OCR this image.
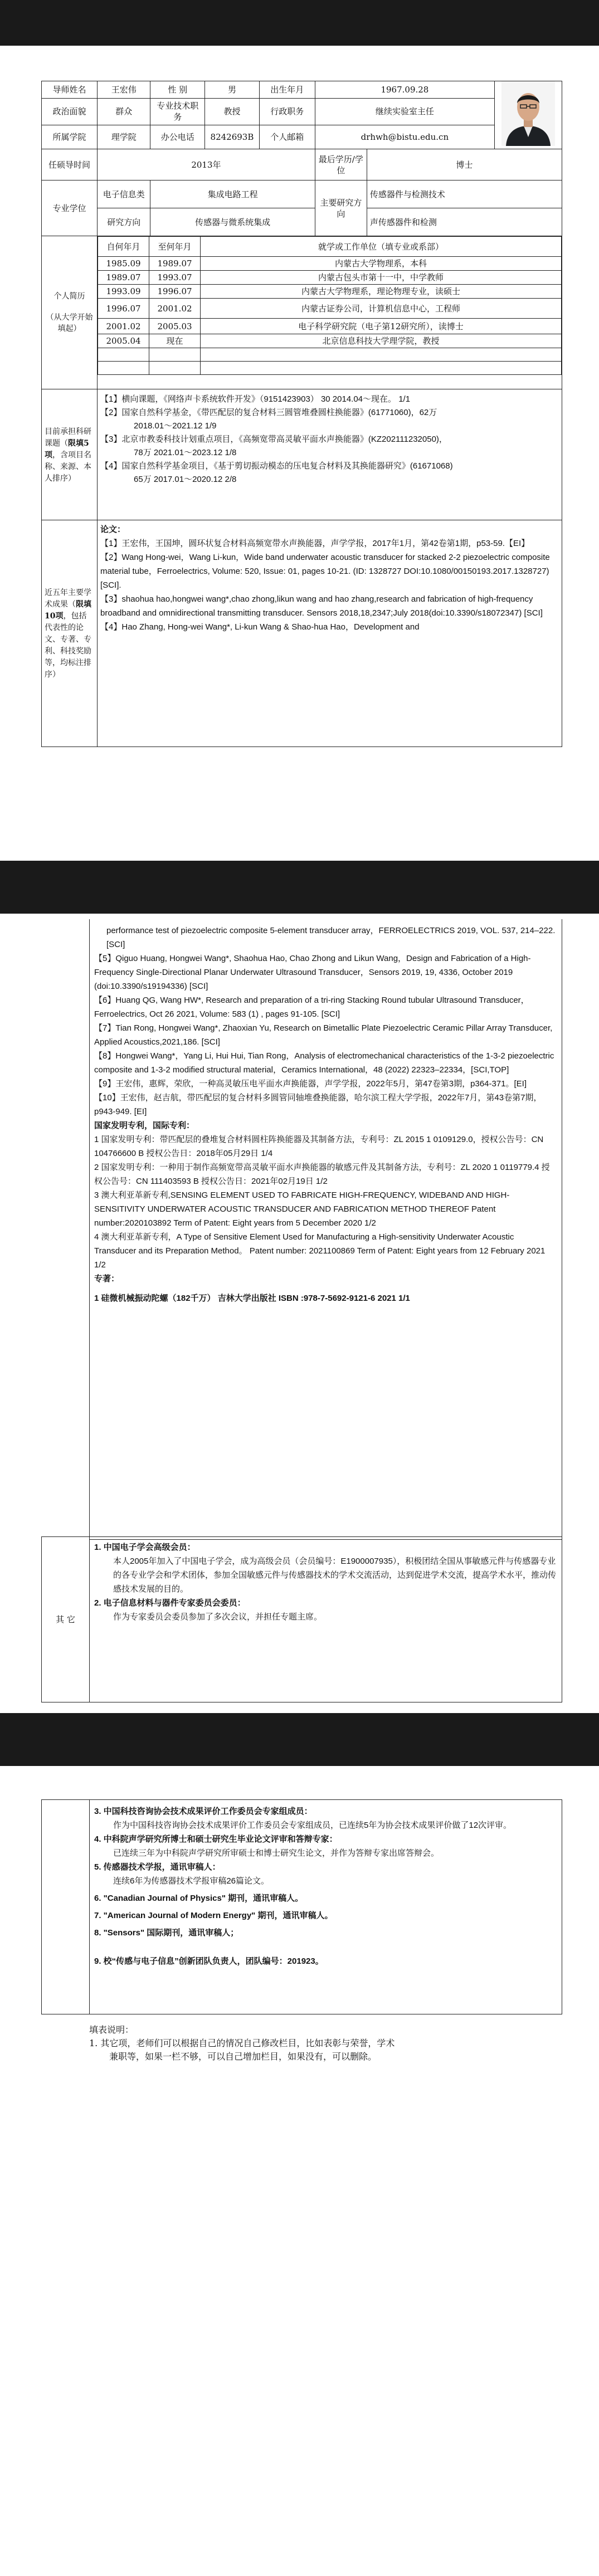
导师姓名	王宏伟	性 别	男	出生年月	1967.09.28	
政治面貌	群众	专业技术职务	教授	行政职务	继续实验室主任
所属学院	理学院	办公电话	8242693B	个人邮箱	drhwh@bistu.edu.cn
任硕导时间	2013年	最后学历/学位	博士
专业学位	电子信息类	集成电路工程	主要研究方向	传感器件与检测技术
研究方向	传感器与微系统集成	声传感器件和检测

个人简历
（从大学开始填起）

自何年月	至何年月	就学或工作单位（填专业或系部）
1985.09	1989.07	内蒙古大学物理系，本科
1989.07	1993.07	内蒙古包头市第十一中，中学教师
1993.09	1996.07	内蒙古大学物理系，理论物理专业，读硕士
1996.07	2001.02	内蒙古证券公司，计算机信息中心，工程师
2001.02	2005.03	电子科学研究院（电子第12研究所），读博士
2005.04	现在	北京信息科技大学理学院，教授

目前承担科研课题（限填5项，含项目名称、来源、本人排序）	

【1】横向课题，《网络声卡系统软件开发》（9151423903） 30 2014.04～现在。 1/1

【2】国家自然科学基金，《带匹配层的复合材料三圆管堆叠圆柱换能器》(61771060)，62万

2018.01～2021.12 1/9

【3】北京市教委科技计划重点项目，《高频宽带高灵敏平面水声换能器》(KZ202111232050)，

78万 2021.01～2023.12 1/8

【4】国家自然科学基金项目，《基于剪切振动模态的压电复合材料及其换能器研究》(61671068)

65万 2017.01～2020.12 2/8

近五年主要学术成果（限填10项，包括代表性的论文、专著、专利、科技奖励等，均标注排序）	

论文：

【1】王宏伟，王国坤，圆环状复合材料高频宽带水声换能器，声学学报，2017年1月，第42卷第1期，p53-59.【EI】

【2】Wang Hong-wei，Wang Li-kun，Wide band underwater acoustic transducer for stacked 2-2 piezoelectric composite material tube，Ferroelectrics, Volume: 520, Issue: 01, pages 10-21. (ID: 1328727 DOI:10.1080/00150193.2017.1328727) [SCI].

【3】shaohua hao,hongwei wang*,chao zhong,likun wang and hao zhang,research and fabrication of high-frequency broadband and omnidirectional transmitting transducer. Sensors 2018,18,2347;July 2018(doi:10.3390/s18072347) [SCI]

【4】Hao Zhang, Hong-wei Wang*, Li-kun Wang & Shao-hua Hao，Development and

performance test of piezoelectric composite 5-element transducer array，FERROELECTRICS 2019, VOL. 537, 214–222. [SCI]

【5】Qiguo Huang, Hongwei Wang*, Shaohua Hao, Chao Zhong and Likun Wang，Design and Fabrication of a High-Frequency Single-Directional Planar Underwater Ultrasound Transducer，Sensors 2019, 19, 4336, October 2019 (doi:10.3390/s19194336) [SCI]

【6】Huang QG, Wang HW*, Research and preparation of a tri-ring Stacking Round tubular Ultrasound Transducer，Ferroelectrics, Oct 26 2021, Volume: 583 (1) , pages 91-105. [SCI]

【7】Tian Rong, Hongwei Wang*, Zhaoxian Yu, Research on Bimetallic Plate Piezoelectric Ceramic Pillar Array Transducer, Applied Acoustics,2021,186. [SCI]

【8】Hongwei Wang*，Yang Li, Hui Hui, Tian Rong，Analysis of electromechanical characteristics of the 1-3-2 piezoelectric composite and 1-3-2 modified structural material，Ceramics International，48 (2022) 22323–22334，[SCI,TOP]

【9】王宏伟，惠辉，荣欣，一种高灵敏压电平面水声换能器，声学学报，2022年5月，第47卷第3期，p364-371。[EI]

【10】王宏伟，赵吉航，带匹配层的复合材料多圆管同轴堆叠换能器，哈尔滨工程大学学报，2022年7月，第43卷第7期，p943-949. [EI]

国家发明专利，国际专利：

1 国家发明专利：带匹配层的叠堆复合材料圆柱阵换能器及其制备方法，专利号：ZL 2015 1 0109129.0，授权公告号：CN 104766600 B 授权公告日：2018年05月29日 1/4

2 国家发明专利：一种用于制作高频宽带高灵敏平面水声换能器的敏感元件及其制备方法，专利号：ZL 2020 1 0119779.4 授权公告号：CN 111403593 B 授权公告日：2021年02月19日 1/2

3 澳大利亚革新专利,SENSING ELEMENT USED TO FABRICATE HIGH-FREQUENCY, WIDEBAND AND HIGH-SENSITIVITY UNDERWATER ACOUSTIC TRANSDUCER AND FABRICATION METHOD THEREOF Patent number:2020103892 Term of Patent: Eight years from 5 December 2020 1/2

4 澳大利亚革新专利，A Type of Sensitive Element Used for Manufacturing a High-sensitivity Underwater Acoustic Transducer and its Preparation Method。 Patent number: 2021100869 Term of Patent: Eight years from 12 February 2021 1/2

专著：

1 硅微机械振动陀螺（182千万） 吉林大学出版社 ISBN :978-7-5692-9121-6 2021 1/1

其 它	

1. 中国电子学会高级会员：

本人2005年加入了中国电子学会，成为高级会员（会员编号：E1900007935），积极团结全国从事敏感元件与传感器专业的各专业学会和学术团体，参加全国敏感元件与传感器技术的学术交流活动，达到促进学术交流，提高学术水平，推动传感技术发展的目的。

2. 电子信息材料与器件专家委员会委员：

作为专家委员会委员参加了多次会议，并担任专题主席。

3. 中国科技咨询协会技术成果评价工作委员会专家组成员：

作为中国科技咨询协会技术成果评价工作委员会专家组成员，已连续5年为协会技术成果评价做了12次评审。

4. 中科院声学研究所博士和硕士研究生毕业论文评审和答辩专家：

已连续三年为中科院声学研究所审硕士和博士研究生论文，并作为答辩专家出席答辩会。

5. 传感器技术学报，通讯审稿人：

连续6年为传感器技术学报审稿26篇论文。

6. "Canadian Journal of Physics" 期刊，通讯审稿人。

7. "American Journal of Modern Energy" 期刊，通讯审稿人。

8. "Sensors" 国际期刊，通讯审稿人；

9. 校“传感与电子信息”创新团队负责人，团队编号：201923。

填表说明：

1. 其它项，老师们可以根据自己的情况自己修改栏目，比如表彰与荣誉，学术

兼职等，如果一栏不够，可以自己增加栏目，如果没有，可以删除。
